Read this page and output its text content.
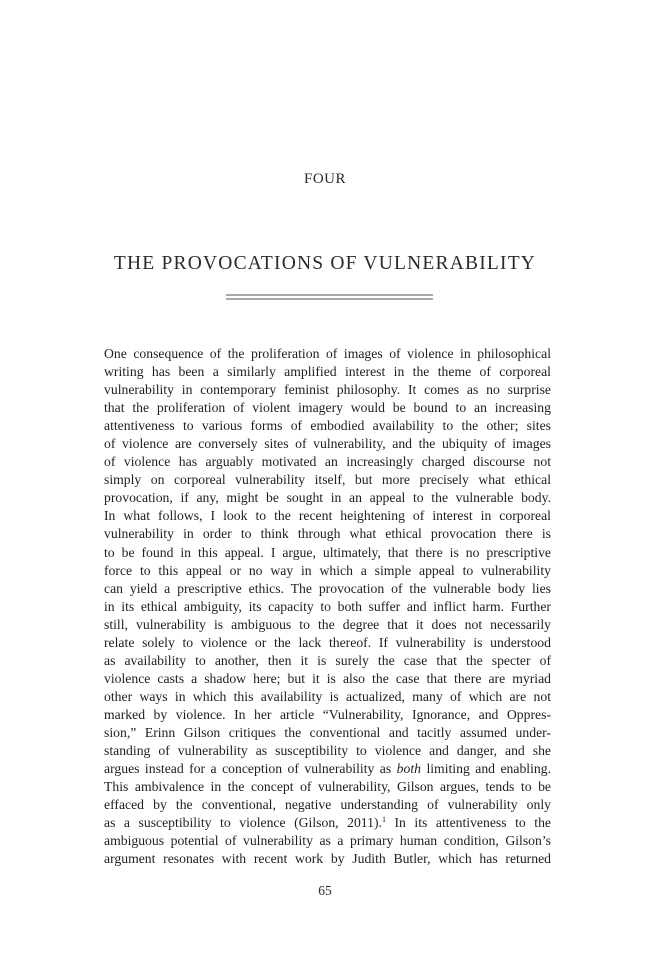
FOUR
THE PROVOCATIONS OF VULNERABILITY
One consequence of the proliferation of images of violence in philosophical
writing has been a similarly amplified interest in the theme of corporeal
vulnerability in contemporary feminist philosophy. It comes as no surprise
that the proliferation of violent imagery would be bound to an increasing
attentiveness to various forms of embodied availability to the other; sites
of violence are conversely sites of vulnerability, and the ubiquity of images
of violence has arguably motivated an increasingly charged discourse not
simply on corporeal vulnerability itself, but more precisely what ethical
provocation, if any, might be sought in an appeal to the vulnerable body.
In what follows, I look to the recent heightening of interest in corporeal
vulnerability in order to think through what ethical provocation there is
to be found in this appeal. I argue, ultimately, that there is no prescriptive
force to this appeal or no way in which a simple appeal to vulnerability
can yield a prescriptive ethics. The provocation of the vulnerable body lies
in its ethical ambiguity, its capacity to both suffer and inflict harm. Further
still, vulnerability is ambiguous to the degree that it does not necessarily
relate solely to violence or the lack thereof. If vulnerability is understood
as availability to another, then it is surely the case that the specter of
violence casts a shadow here; but it is also the case that there are myriad
other ways in which this availability is actualized, many of which are not
marked by violence. In her article “Vulnerability, Ignorance, and Oppres-
sion,” Erinn Gilson critiques the conventional and tacitly assumed under-
standing of vulnerability as susceptibility to violence and danger, and she
argues instead for a conception of vulnerability as both limiting and enabling.
This ambivalence in the concept of vulnerability, Gilson argues, tends to be
effaced by the conventional, negative understanding of vulnerability only
as a susceptibility to violence (Gilson, 2011).$^1$ In its attentiveness to the
ambiguous potential of vulnerability as a primary human condition, Gilson’s
argument resonates with recent work by Judith Butler, which has returned
65
